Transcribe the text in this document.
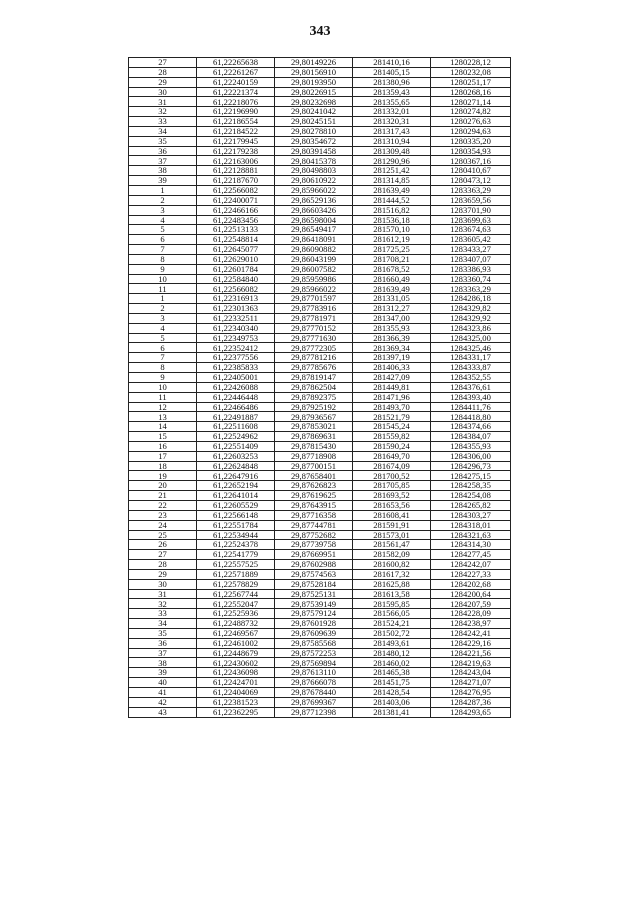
343
27	61,22265638	29,80149226	281410,16	1280228,12
28	61,22261267	29,80156910	281405,15	1280232,08
29	61,22240159	29,80193950	281380,96	1280251,17
30	61,22221374	29,80226915	281359,43	1280268,16
31	61,22218076	29,80232698	281355,65	1280271,14
32	61,22196990	29,80241042	281332,01	1280274,82
33	61,22186554	29,80245151	281320,31	1280276,63
34	61,22184522	29,80278810	281317,43	1280294,63
35	61,22179945	29,80354672	281310,94	1280335,20
36	61,22179238	29,80391458	281309,48	1280354,93
37	61,22163006	29,80415378	281290,96	1280367,16
38	61,22128881	29,80498803	281251,42	1280410,67
39	61,22187670	29,80610922	281314,85	1280473,12
1	61,22566082	29,85966022	281639,49	1283363,29
2	61,22400071	29,86529136	281444,52	1283659,56
3	61,22466166	29,86603426	281516,82	1283701,90
4	61,22483456	29,86598004	281536,18	1283699,63
5	61,22513133	29,86549417	281570,10	1283674,63
6	61,22548814	29,86418091	281612,19	1283605,42
7	61,22645077	29,86090882	281725,25	1283433,27
8	61,22629010	29,86043199	281708,21	1283407,07
9	61,22601784	29,86007582	281678,52	1283386,93
10	61,22584840	29,85959986	281660,49	1283360,74
11	61,22566082	29,85966022	281639,49	1283363,29
1	61,22316913	29,87701597	281331,05	1284286,18
2	61,22301363	29,87783916	281312,27	1284329,82
3	61,22332511	29,87781971	281347,00	1284329,92
4	61,22340340	29,87770152	281355,93	1284323,86
5	61,22349753	29,87771630	281366,39	1284325,00
6	61,22352412	29,87772305	281369,34	1284325,46
7	61,22377556	29,87781216	281397,19	1284331,17
8	61,22385833	29,87785676	281406,33	1284333,87
9	61,22405001	29,87819147	281427,09	1284352,55
10	61,22426088	29,87862504	281449,81	1284376,61
11	61,22446448	29,87892375	281471,96	1284393,40
12	61,22466486	29,87925192	281493,70	1284411,76
13	61,22491887	29,87936567	281521,79	1284418,80
14	61,22511608	29,87853021	281545,24	1284374,66
15	61,22524962	29,87869631	281559,82	1284384,07
16	61,22551409	29,87815430	281590,24	1284355,93
17	61,22603253	29,87718908	281649,70	1284306,00
18	61,22624848	29,87700151	281674,09	1284296,73
19	61,22647916	29,87658401	281700,52	1284275,15
20	61,22652194	29,87626823	281705,85	1284258,35
21	61,22641014	29,87619625	281693,52	1284254,08
22	61,22605529	29,87643915	281653,56	1284265,82
23	61,22566148	29,87716358	281608,41	1284303,27
24	61,22551784	29,87744781	281591,91	1284318,01
25	61,22534944	29,87752682	281573,01	1284321,63
26	61,22524378	29,87739758	281561,47	1284314,30
27	61,22541779	29,87669951	281582,09	1284277,45
28	61,22557525	29,87602988	281600,82	1284242,07
29	61,22571889	29,87574563	281617,32	1284227,33
30	61,22578829	29,87528184	281625,88	1284202,68
31	61,22567744	29,87525131	281613,58	1284200,64
32	61,22552047	29,87539149	281595,85	1284207,59
33	61,22525936	29,87579124	281566,05	1284228,09
34	61,22488732	29,87601928	281524,21	1284238,97
35	61,22469567	29,87609639	281502,72	1284242,41
36	61,22461002	29,87585568	281493,61	1284229,16
37	61,22448679	29,87572253	281480,12	1284221,56
38	61,22430602	29,87569894	281460,02	1284219,63
39	61,22436098	29,87613110	281465,38	1284243,04
40	61,22424701	29,87666078	281451,75	1284271,07
41	61,22404069	29,87678440	281428,54	1284276,95
42	61,22381523	29,87699367	281403,06	1284287,36
43	61,22362295	29,87712398	281381,41	1284293,65
